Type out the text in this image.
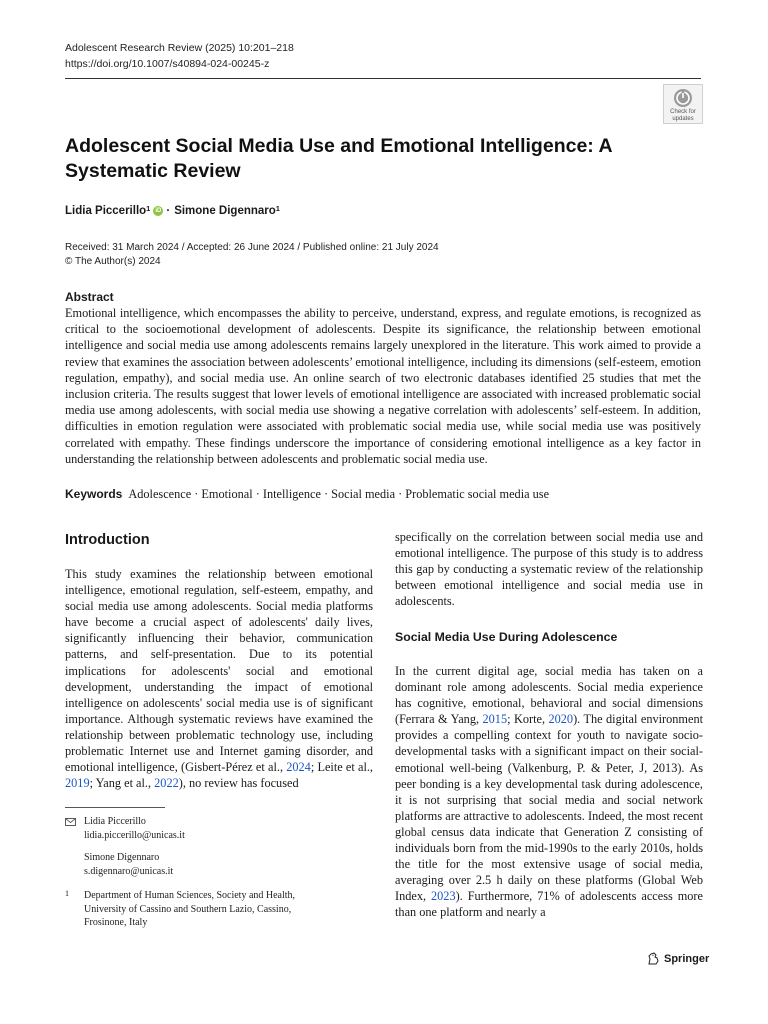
Adolescent Research Review (2025) 10:201–218
https://doi.org/10.1007/s40894-024-00245-z
Check for
updates
Adolescent Social Media Use and Emotional Intelligence: A Systematic Review
Lidia Piccerillo$^1$ iD · Simone Digennaro$^1$
Received: 31 March 2024 / Accepted: 26 June 2024 / Published online: 21 July 2024
© The Author(s) 2024
Abstract

Emotional intelligence, which encompasses the ability to perceive, understand, express, and regulate emotions, is recognized as critical to the socioemotional development of adolescents. Despite its significance, the relationship between emotional intelligence and social media use among adolescents remains largely unexplored in the literature. This work aimed to provide a review that examines the association between adolescents’ emotional intelligence, including its dimensions (self-esteem, emotion regulation, empathy), and social media use. An online search of two electronic databases identified 25 studies that met the inclusion criteria. The results suggest that lower levels of emotional intelligence are associated with increased problematic social media use among adolescents, with social media use showing a negative correlation with adolescents’ self-esteem. In addition, difficulties in emotion regulation were associated with problematic social media use, while social media use was positively correlated with empathy. These findings underscore the importance of considering emotional intelligence as a key factor in understanding the relationship between adolescents and problematic social media use.

Keywords Adolescence · Emotional · Intelligence · Social media · Problematic social media use
Introduction

This study examines the relationship between emotional intelligence, emotional regulation, self-esteem, empathy, and social media use among adolescents. Social media platforms have become a crucial aspect of adolescents' daily lives, significantly influencing their behavior, communication patterns, and self-presentation. Due to its potential implications for adolescents' social and emotional development, understanding the impact of emotional intelligence on adolescents' social media use is of significant importance. Although systematic reviews have examined the relationship between problematic technology use, including problematic Internet use and Internet gaming disorder, and emotional intelligence, (Gisbert-Pérez et al., 2024; Leite et al., 2019; Yang et al., 2022), no review has focused

specifically on the correlation between social media use and emotional intelligence. The purpose of this study is to address this gap by conducting a systematic review of the relationship between emotional intelligence and social media use in adolescents.

Social Media Use During Adolescence

In the current digital age, social media has taken on a dominant role among adolescents. Social media experience has cognitive, emotional, behavioral and social dimensions (Ferrara & Yang, 2015; Korte, 2020). The digital environment provides a compelling context for youth to navigate socio-developmental tasks with a significant impact on their social-emotional well-being (Valkenburg, P. & Peter, J, 2013). As peer bonding is a key developmental task during adolescence, it is not surprising that social media and social network platforms are attractive to adolescents. Indeed, the most recent global census data indicate that Generation Z consisting of individuals born from the mid-1990s to the early 2010s, holds the title for the most extensive usage of social media, averaging over 2.5 h daily on these platforms (Global Web Index, 2023). Furthermore, 71% of adolescents access more than one platform and nearly a

Lidia Piccerillo
lidia.piccerillo@unicas.it
Simone Digennaro
s.digennaro@unicas.it
1 Department of Human Sciences, Society and Health,
University of Cassino and Southern Lazio, Cassino,
Frosinone, Italy
Springer
